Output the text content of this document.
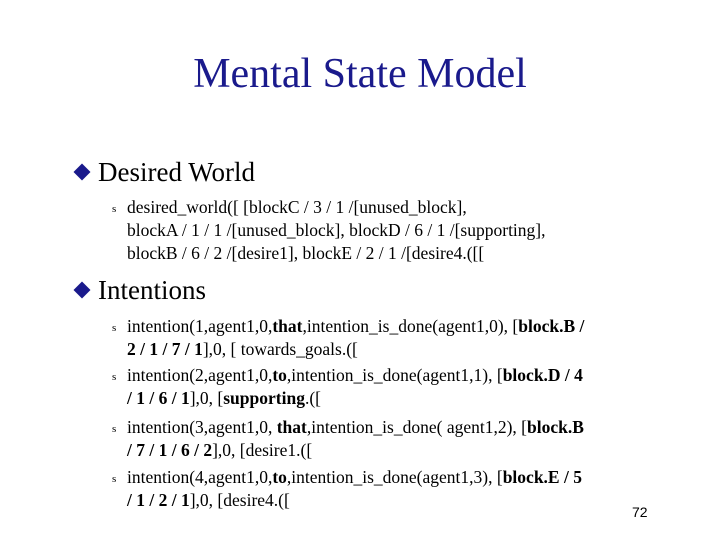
Mental State Model
Desired World
s desired_world([ [blockC / 3 / 1 /[unused_block],
blockA / 1 / 1 /[unused_block], blockD / 6 / 1 /[supporting],
blockB / 6 / 2 /[desire1], blockE / 2 / 1 /[desire4.([[
Intentions
s intention(1,agent1,0,that,intention_is_done(agent1,0), [block.B /
2 / 1 / 7 / 1],0, [ towards_goals.([
s intention(2,agent1,0,to,intention_is_done(agent1,1), [block.D / 4
/ 1 / 6 / 1],0, [supporting.([
s intention(3,agent1,0, that,intention_is_done( agent1,2), [block.B
/ 7 / 1 / 6 / 2],0, [desire1.([
s intention(4,agent1,0,to,intention_is_done(agent1,3), [block.E / 5
/ 1 / 2 / 1],0, [desire4.([
72
